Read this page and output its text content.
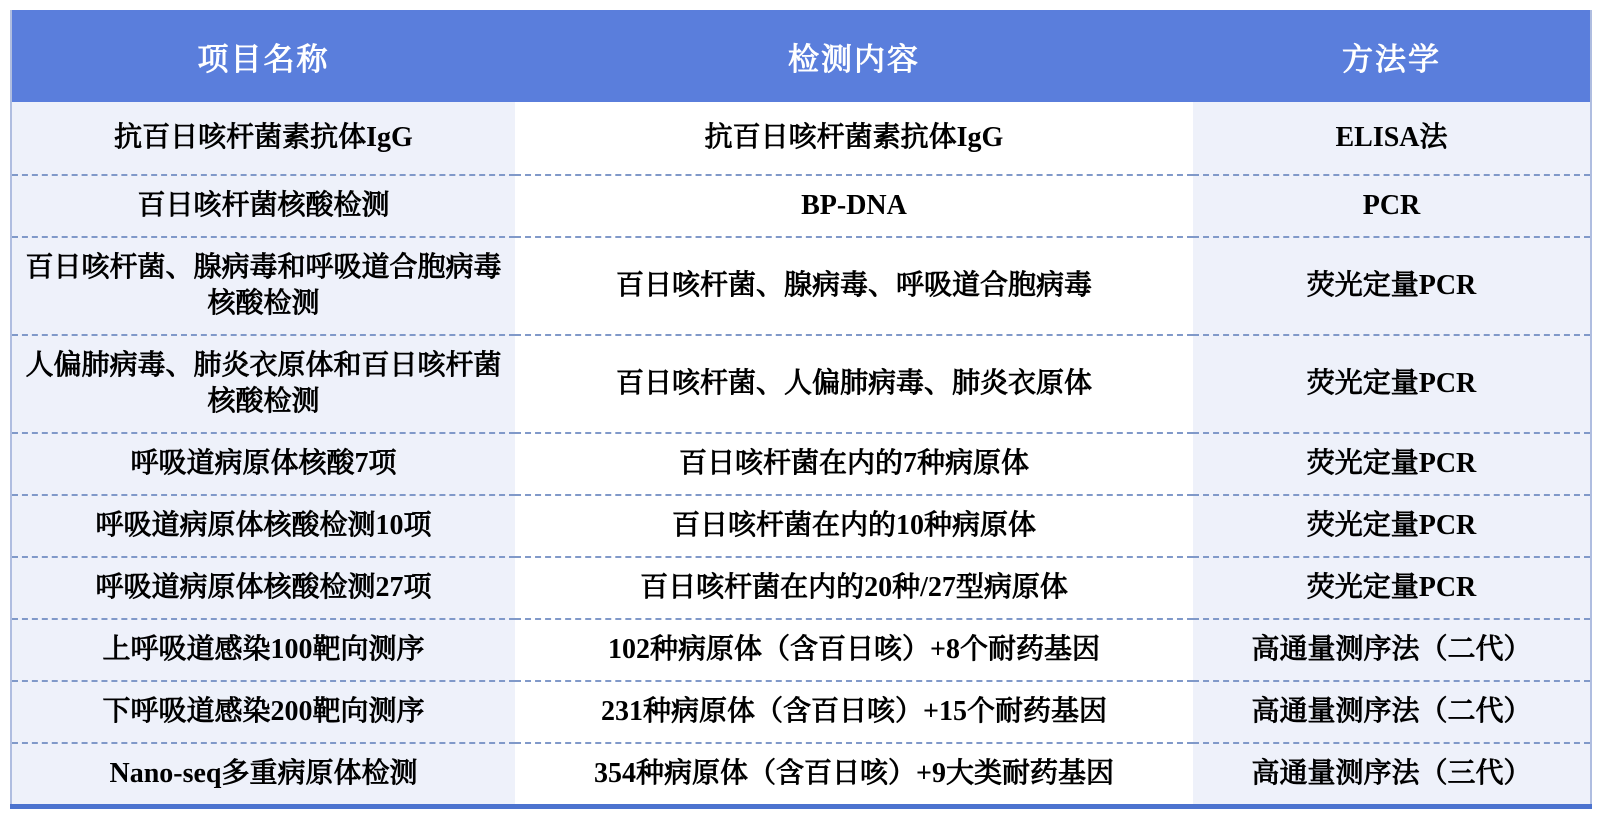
项目名称	检测内容	方法学
抗百日咳杆菌素抗体IgG	抗百日咳杆菌素抗体IgG	ELISA法
百日咳杆菌核酸检测	BP-DNA	PCR
百日咳杆菌、腺病毒和呼吸道合胞病毒核酸检测	百日咳杆菌、腺病毒、呼吸道合胞病毒	荧光定量PCR
人偏肺病毒、肺炎衣原体和百日咳杆菌核酸检测	百日咳杆菌、人偏肺病毒、肺炎衣原体	荧光定量PCR
呼吸道病原体核酸7项	百日咳杆菌在内的7种病原体	荧光定量PCR
呼吸道病原体核酸检测10项	百日咳杆菌在内的10种病原体	荧光定量PCR
呼吸道病原体核酸检测27项	百日咳杆菌在内的20种/27型病原体	荧光定量PCR
上呼吸道感染100靶向测序	102种病原体（含百日咳）+8个耐药基因	高通量测序法（二代）
下呼吸道感染200靶向测序	231种病原体（含百日咳）+15个耐药基因	高通量测序法（二代）
Nano-seq多重病原体检测	354种病原体（含百日咳）+9大类耐药基因	高通量测序法（三代）
